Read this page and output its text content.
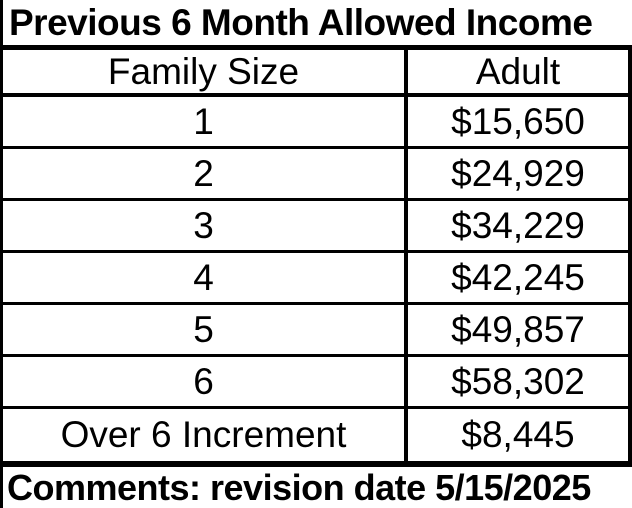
Previous 6 Month Allowed Income
Family Size	Adult
1	$15,650
2	$24,929
3	$34,229
4	$42,245
5	$49,857
6	$58,302
Over 6 Increment	$8,445
Comments: revision date 5/15/2025
